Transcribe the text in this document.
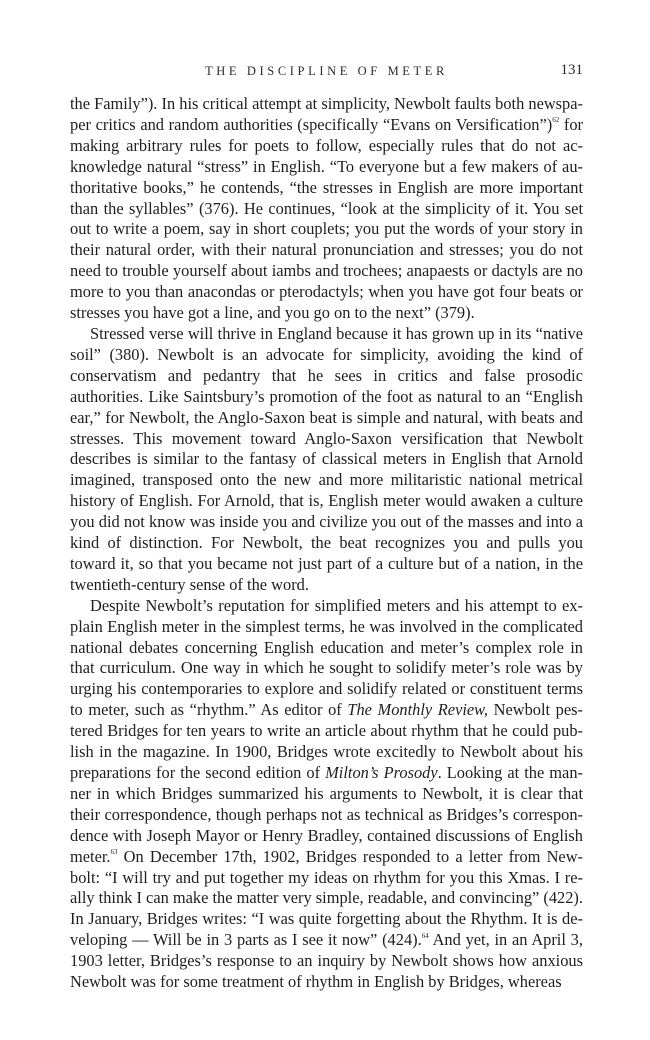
THE DISCIPLINE OF METER	131

the Family”). In his critical attempt at simplicity, Newbolt faults both newspaper critics and random authorities (specifically “Evans on Versification”)$^{62}$ for making arbitrary rules for poets to follow, especially rules that do not acknowledge natural “stress” in English. “To everyone but a few makers of authoritative books,” he contends, “the stresses in English are more important than the syllables” (376). He continues, “look at the simplicity of it. You set out to write a poem, say in short couplets; you put the words of your story in their natural order, with their natural pronunciation and stresses; you do not need to trouble yourself about iambs and trochees; anapaests or dactyls are no more to you than anacondas or pterodactyls; when you have got four beats or stresses you have got a line, and you go on to the next” (379).

Stressed verse will thrive in England because it has grown up in its “native soil” (380). Newbolt is an advocate for simplicity, avoiding the kind of conservatism and pedantry that he sees in critics and false prosodic authorities. Like Saintsbury’s promotion of the foot as natural to an “English ear,” for Newbolt, the Anglo-Saxon beat is simple and natural, with beats and stresses. This movement toward Anglo-Saxon versification that Newbolt describes is similar to the fantasy of classical meters in English that Arnold imagined, transposed onto the new and more militaristic national metrical history of English. For Arnold, that is, English meter would awaken a culture you did not know was inside you and civilize you out of the masses and into a kind of distinction. For Newbolt, the beat recognizes you and pulls you toward it, so that you became not just part of a culture but of a nation, in the twentieth-century sense of the word.

Despite Newbolt’s reputation for simplified meters and his attempt to explain English meter in the simplest terms, he was involved in the complicated national debates concerning English education and meter’s complex role in that curriculum. One way in which he sought to solidify meter’s role was by urging his contemporaries to explore and solidify related or constituent terms to meter, such as “rhythm.” As editor of The Monthly Review, Newbolt pestered Bridges for ten years to write an article about rhythm that he could publish in the magazine. In 1900, Bridges wrote excitedly to Newbolt about his preparations for the second edition of Milton’s Prosody. Looking at the manner in which Bridges summarized his arguments to Newbolt, it is clear that their correspondence, though perhaps not as technical as Bridges’s correspondence with Joseph Mayor or Henry Bradley, contained discussions of English meter.$^{63}$ On December 17th, 1902, Bridges responded to a letter from Newbolt: “I will try and put together my ideas on rhythm for you this Xmas. I really think I can make the matter very simple, readable, and convincing” (422). In January, Bridges writes: “I was quite forgetting about the Rhythm. It is developing — Will be in 3 parts as I see it now” (424).$^{64}$ And yet, in an April 3, 1903 letter, Bridges’s response to an inquiry by Newbolt shows how anxious Newbolt was for some treatment of rhythm in English by Bridges, whereas
